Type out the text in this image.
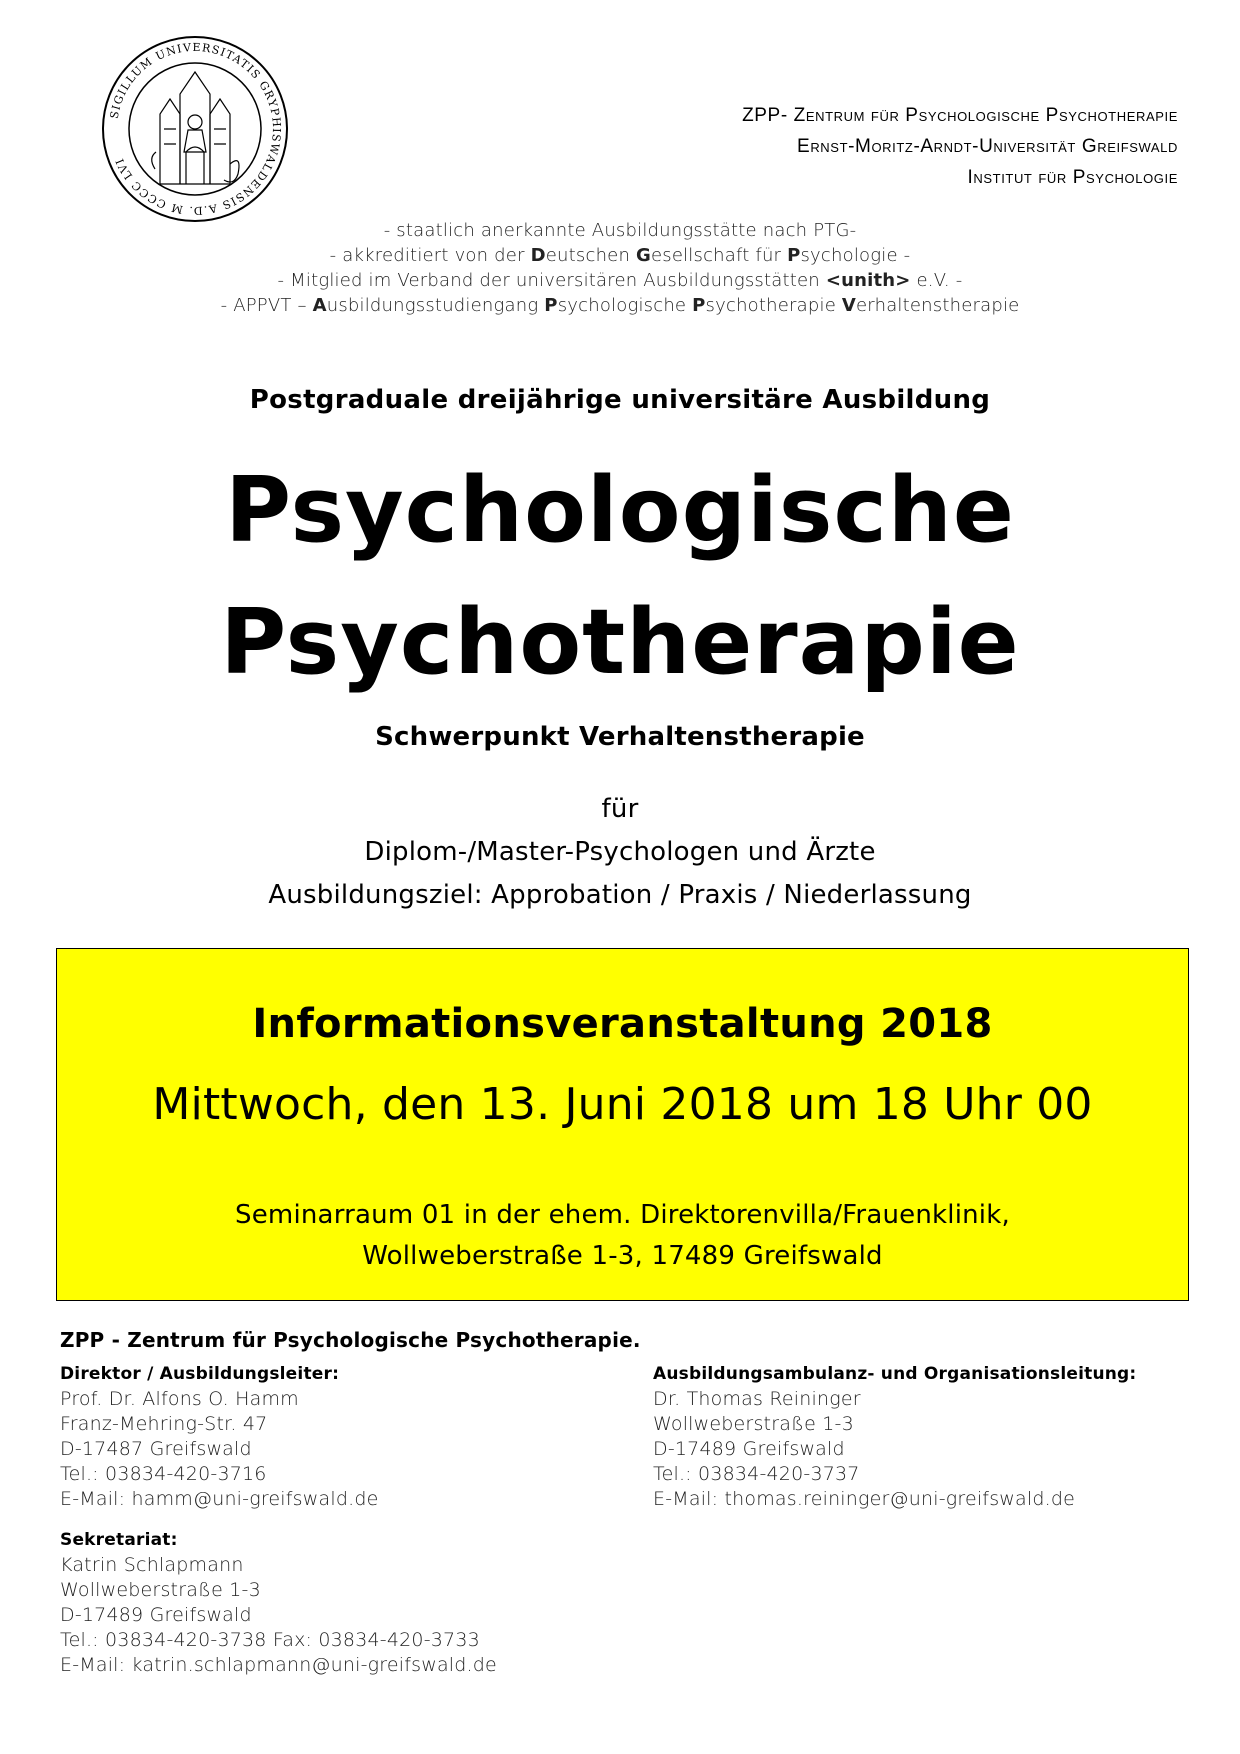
SIGILLUM UNIVERSITATIS GRYPHISWALDENSIS A.D. M CCCC LVI
ZPP- Zentrum für Psychologische Psychotherapie
Ernst-Moritz-Arndt-Universität Greifswald
Institut für Psychologie
- staatlich anerkannte Ausbildungsstätte nach PTG-
- akkreditiert von der Deutschen Gesellschaft für Psychologie -
- Mitglied im Verband der universitären Ausbildungsstätten <unith> e.V. -
- APPVT – Ausbildungsstudiengang Psychologische Psychotherapie Verhaltenstherapie
Postgraduale dreijährige universitäre Ausbildung
Psychologische
Psychotherapie
Schwerpunkt Verhaltenstherapie
für
Diplom-/Master-Psychologen und Ärzte
Ausbildungsziel: Approbation / Praxis / Niederlassung
Informationsveranstaltung 2018
Mittwoch, den 13. Juni 2018 um 18 Uhr 00
Seminarraum 01 in der ehem. Direktorenvilla/Frauenklinik,
Wollweberstraße 1-3, 17489 Greifswald
ZPP - Zentrum für Psychologische Psychotherapie.
Direktor / Ausbildungsleiter:
Prof. Dr. Alfons O. Hamm
Franz-Mehring-Str. 47
D-17487 Greifswald
Tel.: 03834-420-3716
E-Mail: hamm@uni-greifswald.de
Ausbildungsambulanz- und Organisationsleitung:
Dr. Thomas Reininger
Wollweberstraße 1-3
D-17489 Greifswald
Tel.: 03834-420-3737
E-Mail: thomas.reininger@uni-greifswald.de
Sekretariat:
Katrin Schlapmann
Wollweberstraße 1-3
D-17489 Greifswald
Tel.: 03834-420-3738 Fax: 03834-420-3733
E-Mail: katrin.schlapmann@uni-greifswald.de
